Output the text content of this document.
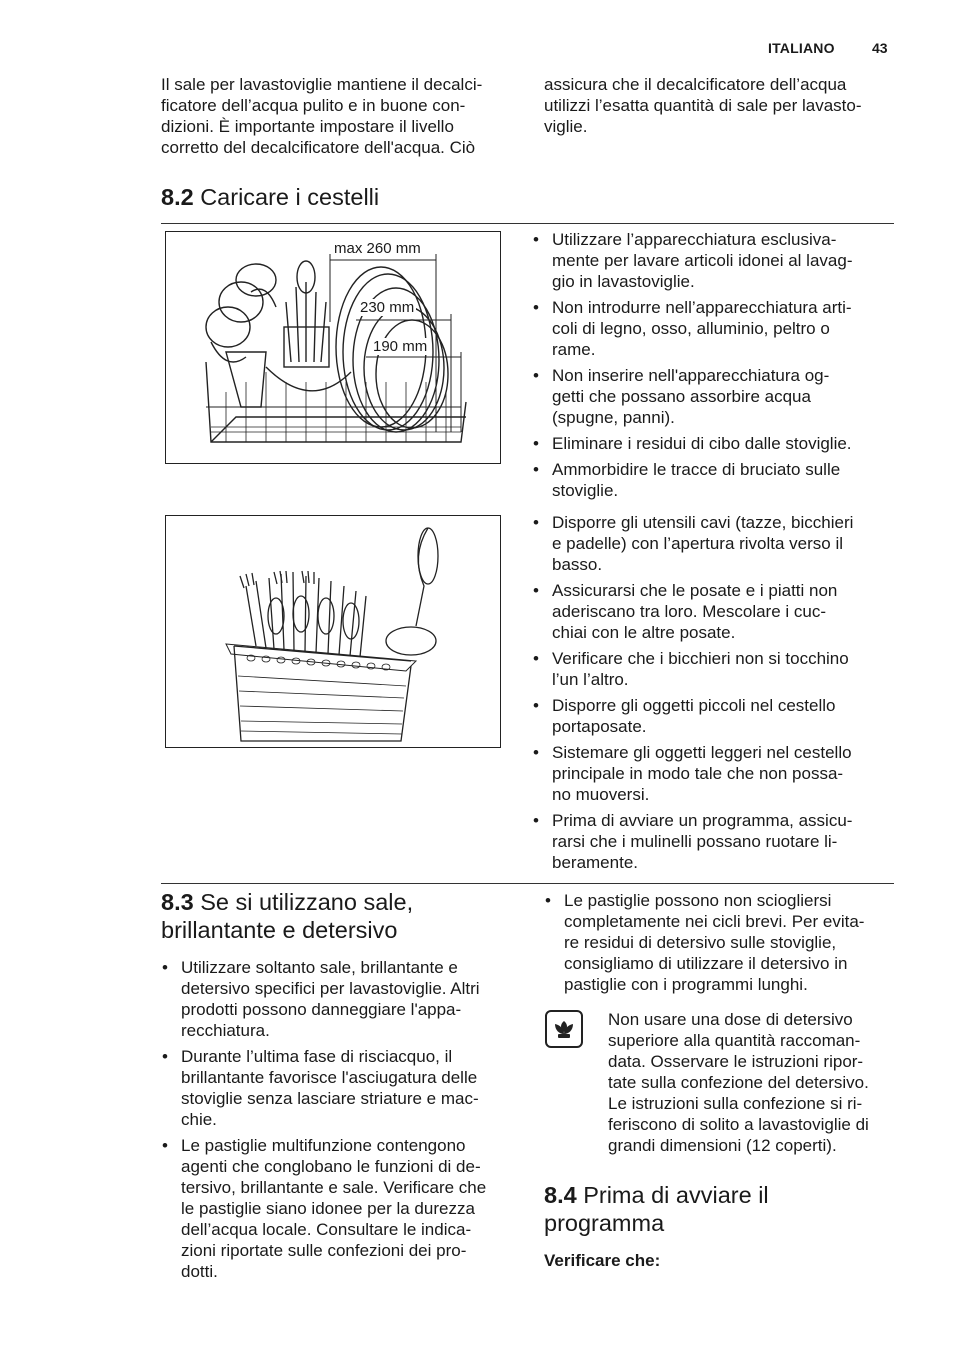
ITALIANO	43
Il sale per lavastoviglie mantiene il decalci-
ficatore dell’acqua pulito e in buone con-
dizioni. È importante impostare il livello
corretto del decalcificatore dell'acqua. Ciò
assicura che il decalcificatore dell’acqua
utilizzi l’esatta quantità di sale per lavasto-
viglie.
8.2 Caricare i cestelli
max 260 mm
230 mm
190 mm
• Utilizzare l’apparecchiatura esclusiva-
mente per lavare articoli idonei al lavag-
gio in lavastoviglie.
• Non introdurre nell’apparecchiatura arti-
coli di legno, osso, alluminio, peltro o
rame.
• Non inserire nell'apparecchiatura og-
getti che possano assorbire acqua
(spugne, panni).
• Eliminare i residui di cibo dalle stoviglie.
• Ammorbidire le tracce di bruciato sulle
stoviglie.
• Disporre gli utensili cavi (tazze, bicchieri
e padelle) con l’apertura rivolta verso il
basso.
• Assicurarsi che le posate e i piatti non
aderiscano tra loro. Mescolare i cuc-
chiai con le altre posate.
• Verificare che i bicchieri non si tocchino
l’un l’altro.
• Disporre gli oggetti piccoli nel cestello
portaposate.
• Sistemare gli oggetti leggeri nel cestello
principale in modo tale che non possa-
no muoversi.
• Prima di avviare un programma, assicu-
rarsi che i mulinelli possano ruotare li-
beramente.
8.3 Se si utilizzano sale,
brillantante e detersivo
• Utilizzare soltanto sale, brillantante e
detersivo specifici per lavastoviglie. Altri
prodotti possono danneggiare l'appa-
recchiatura.
• Durante l’ultima fase di risciacquo, il
brillantante favorisce l'asciugatura delle
stoviglie senza lasciare striature e mac-
chie.
• Le pastiglie multifunzione contengono
agenti che conglobano le funzioni di de-
tersivo, brillantante e sale. Verificare che
le pastiglie siano idonee per la durezza
dell’acqua locale. Consultare le indica-
zioni riportate sulle confezioni dei pro-
dotti.
• Le pastiglie possono non sciogliersi
completamente nei cicli brevi. Per evita-
re residui di detersivo sulle stoviglie,
consigliamo di utilizzare il detersivo in
pastiglie con i programmi lunghi.
Non usare una dose di detersivo
superiore alla quantità raccoman-
data. Osservare le istruzioni ripor-
tate sulla confezione del detersivo.
Le istruzioni sulla confezione si ri-
feriscono di solito a lavastoviglie di
grandi dimensioni (12 coperti).
8.4 Prima di avviare il
programma
Verificare che:
